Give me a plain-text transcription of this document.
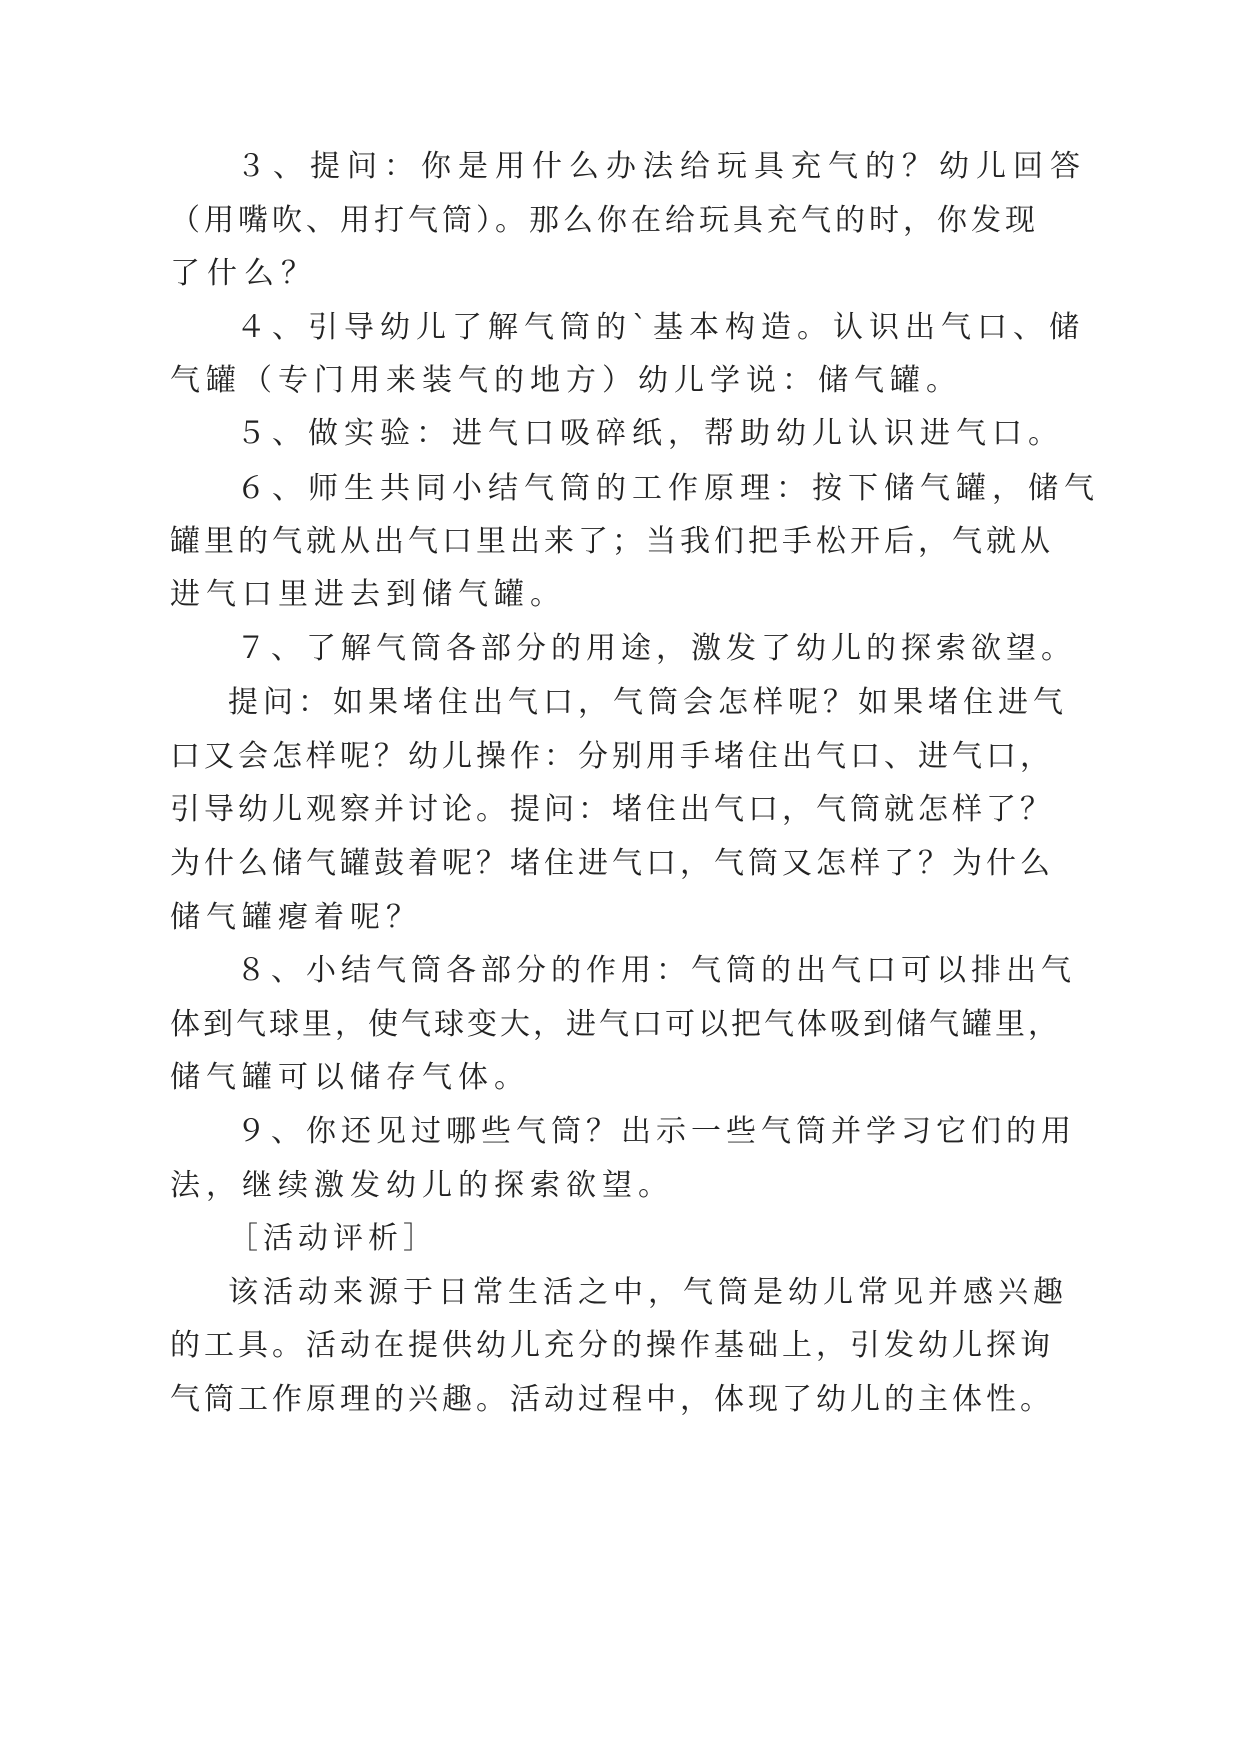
３、提问：你是用什么办法给玩具充气的？幼儿回答
（用嘴吹、用打气筒）。那么你在给玩具充气的时，你发现
了什么？
４、引导幼儿了解气筒的`基本构造。认识出气口、储
气罐（专门用来装气的地方）幼儿学说：储气罐。
５、做实验：进气口吸碎纸，帮助幼儿认识进气口。
６、师生共同小结气筒的工作原理：按下储气罐，储气
罐里的气就从出气口里出来了；当我们把手松开后，气就从
进气口里进去到储气罐。
７、了解气筒各部分的用途，激发了幼儿的探索欲望。
提问：如果堵住出气口，气筒会怎样呢？如果堵住进气
口又会怎样呢？幼儿操作：分别用手堵住出气口、进气口，
引导幼儿观察并讨论。提问：堵住出气口，气筒就怎样了？
为什么储气罐鼓着呢？堵住进气口，气筒又怎样了？为什么
储气罐瘪着呢？
８、小结气筒各部分的作用：气筒的出气口可以排出气
体到气球里，使气球变大，进气口可以把气体吸到储气罐里，
储气罐可以储存气体。
９、你还见过哪些气筒？出示一些气筒并学习它们的用
法，继续激发幼儿的探索欲望。
［活动评析］
该活动来源于日常生活之中，气筒是幼儿常见并感兴趣
的工具。活动在提供幼儿充分的操作基础上，引发幼儿探询
气筒工作原理的兴趣。活动过程中，体现了幼儿的主体性。
